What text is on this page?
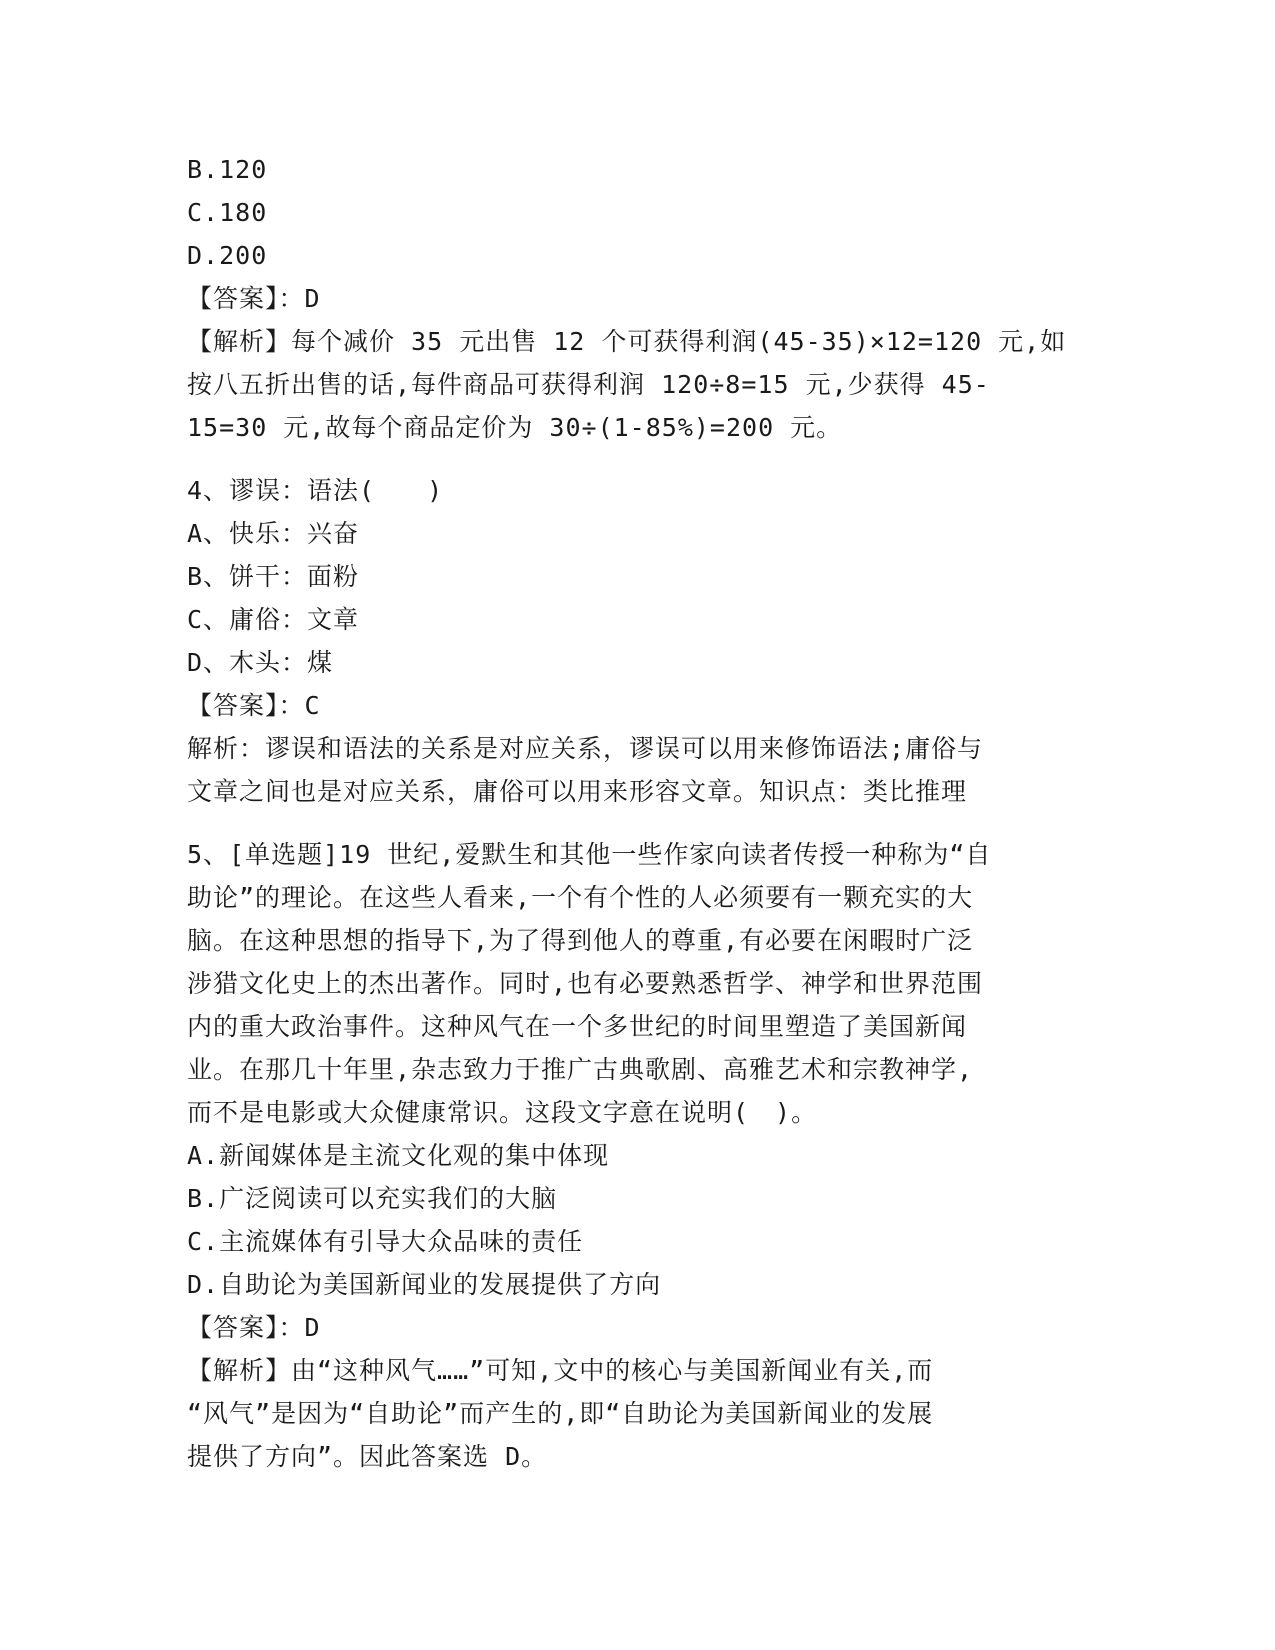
B.120
C.180
D.200
【答案】：D
【解析】每个减价 35 元出售 12 个可获得利润(45-35)×12=120 元,如
按八五折出售的话,每件商品可获得利润 120÷8=15 元,少获得 45-
15=30 元,故每个商品定价为 30÷(1-85%)=200 元。
4、谬误：语法(　　)
A、快乐：兴奋
B、饼干：面粉
C、庸俗：文章
D、木头：煤
【答案】：C
解析：谬误和语法的关系是对应关系，谬误可以用来修饰语法;庸俗与
文章之间也是对应关系，庸俗可以用来形容文章。知识点：类比推理
5、[单选题]19 世纪,爱默生和其他一些作家向读者传授一种称为“自
助论”的理论。在这些人看来,一个有个性的人必须要有一颗充实的大
脑。在这种思想的指导下,为了得到他人的尊重,有必要在闲暇时广泛
涉猎文化史上的杰出著作。同时,也有必要熟悉哲学、神学和世界范围
内的重大政治事件。这种风气在一个多世纪的时间里塑造了美国新闻
业。在那几十年里,杂志致力于推广古典歌剧、高雅艺术和宗教神学,
而不是电影或大众健康常识。这段文字意在说明(　)。
A.新闻媒体是主流文化观的集中体现
B.广泛阅读可以充实我们的大脑
C.主流媒体有引导大众品味的责任
D.自助论为美国新闻业的发展提供了方向
【答案】：D
【解析】由“这种风气……”可知,文中的核心与美国新闻业有关,而
“风气”是因为“自助论”而产生的,即“自助论为美国新闻业的发展
提供了方向”。因此答案选 D。
